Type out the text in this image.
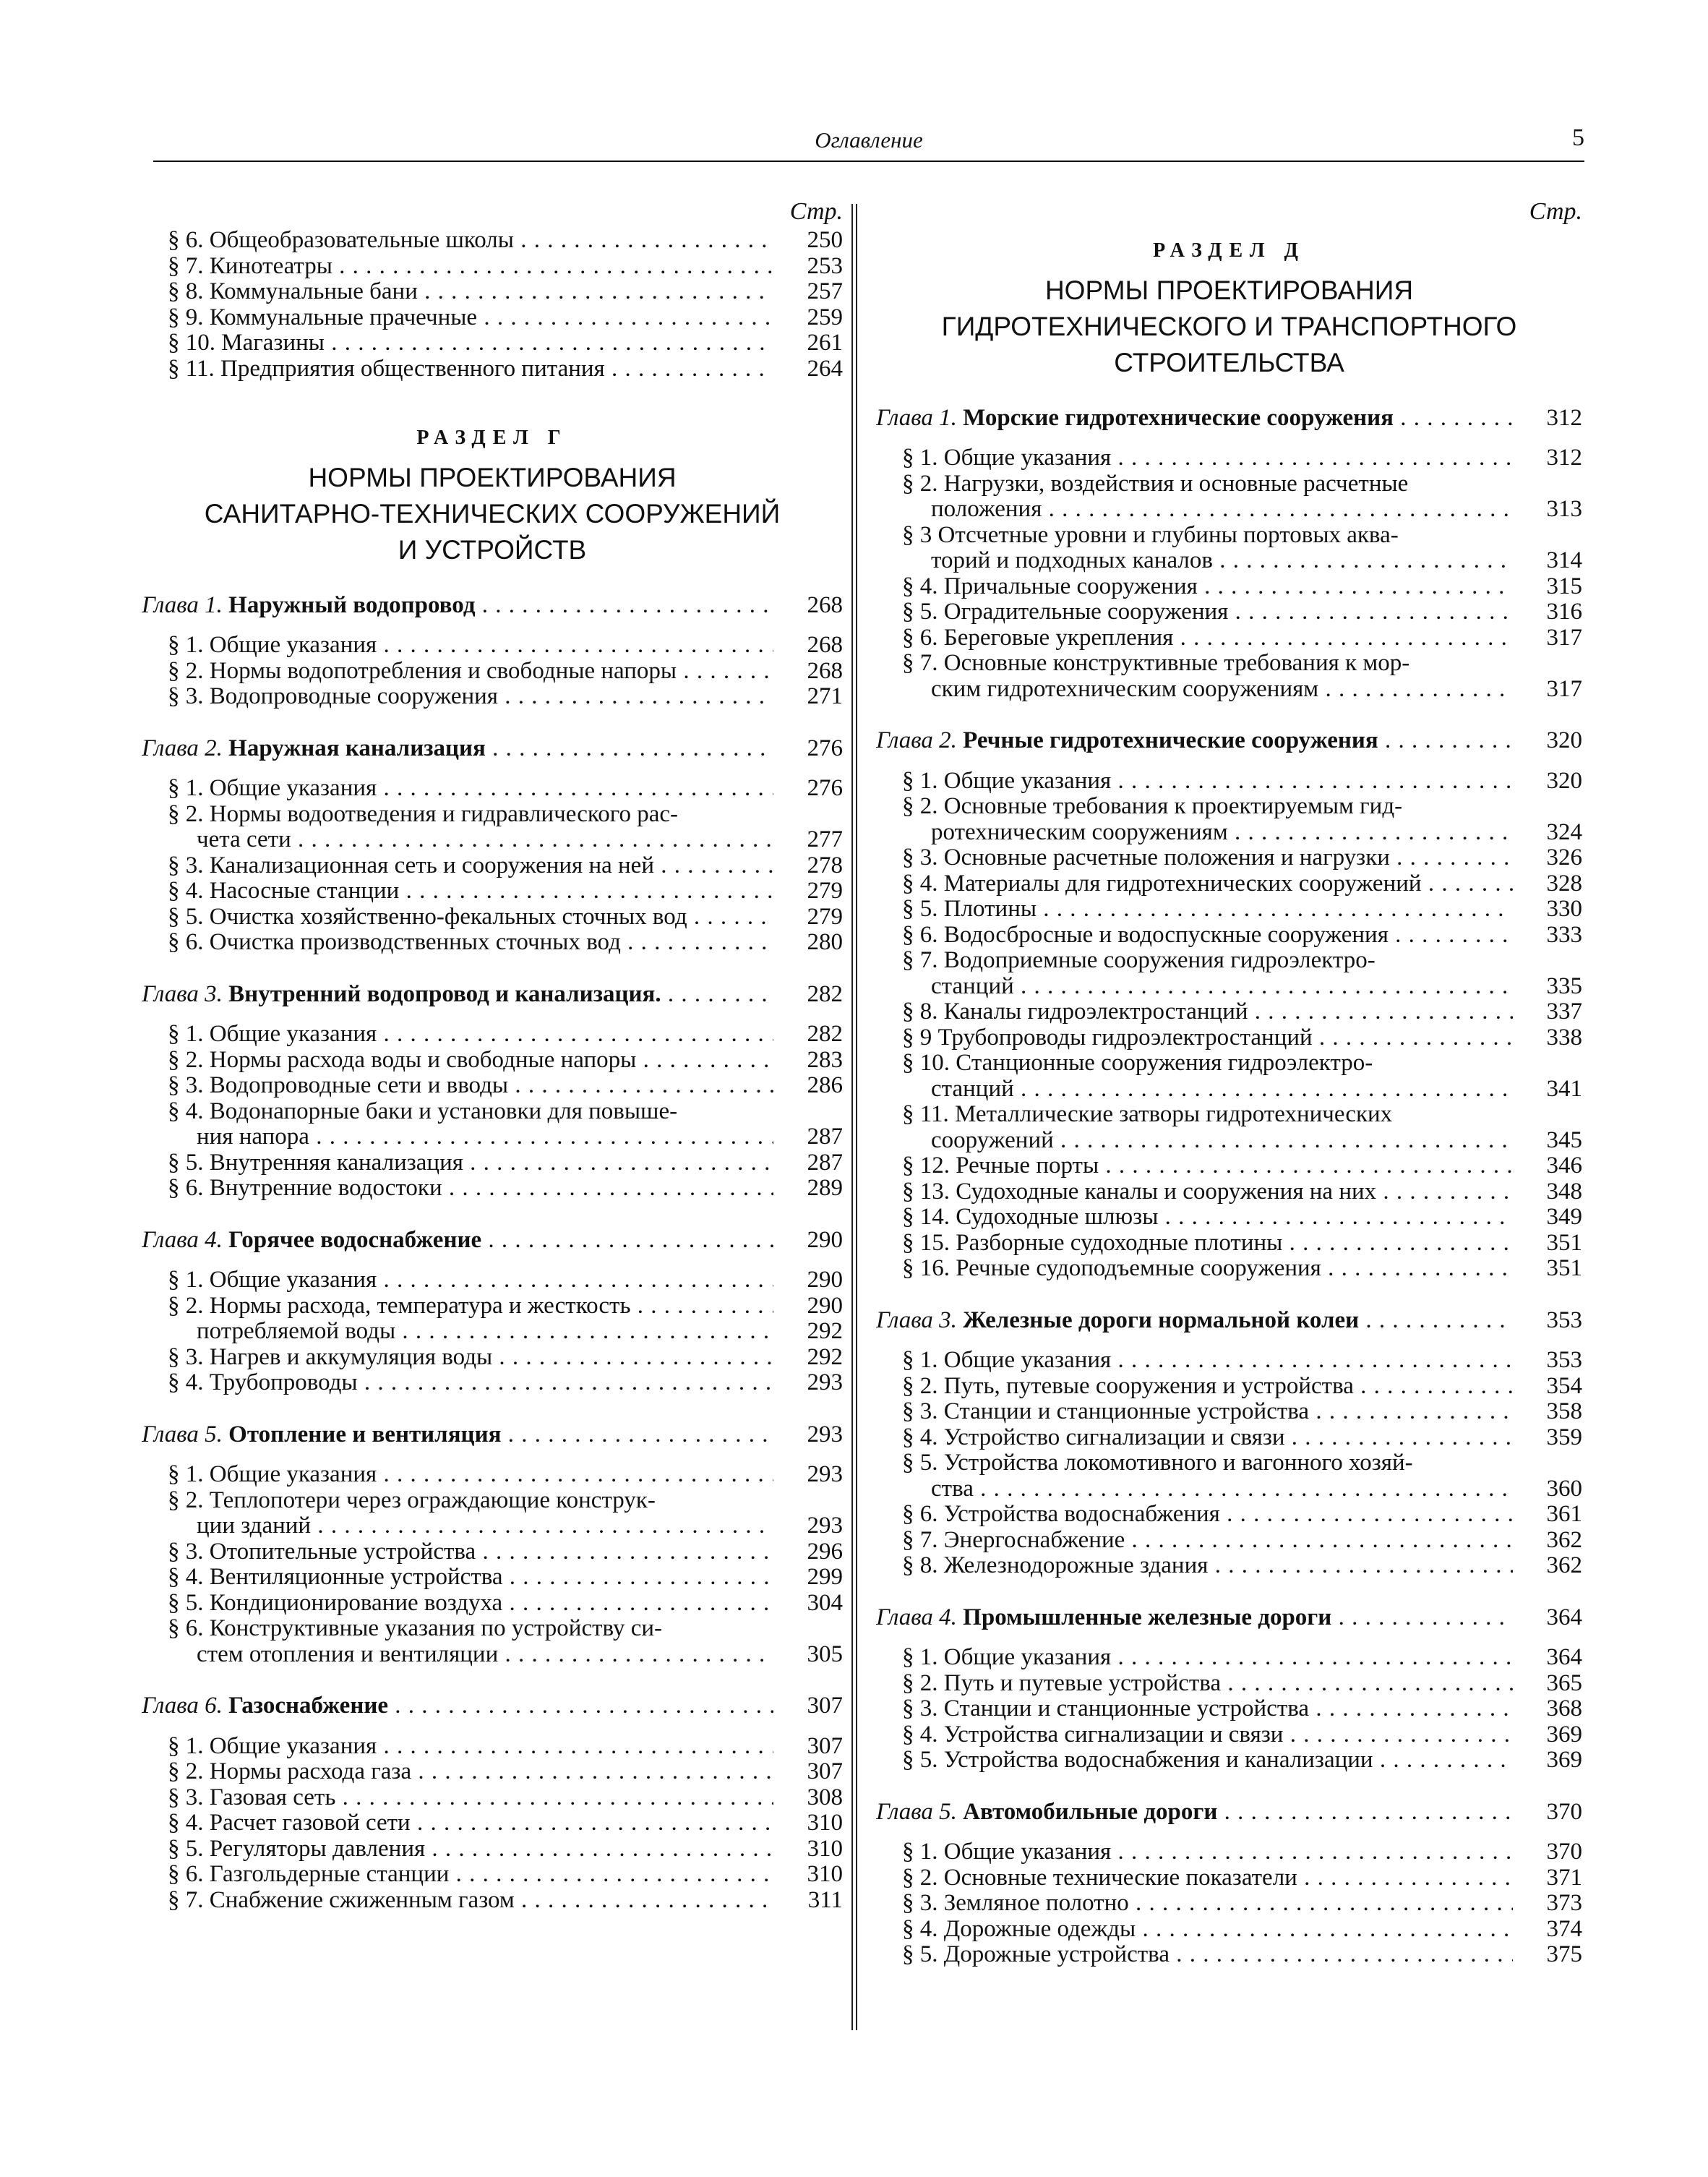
Оглавление	5
Стр.
§ 6. Общеобразовательные школы . . .	250
§ 7. Кинотеатры . . .	253
§ 8. Коммунальные бани . . .	257
§ 9. Коммунальные прачечные . . .	259
§ 10. Магазины . . .	261
§ 11. Предприятия общественного питания . . .	264
РАЗДЕЛ Г
НОРМЫ ПРОЕКТИРОВАНИЯ
САНИТАРНО-ТЕХНИЧЕСКИХ СООРУЖЕНИЙ
И УСТРОЙСТВ
Глава 1. Наружный водопровод . . .	268
§ 1. Общие указания . . .	268
§ 2. Нормы водопотребления и свободные напоры . . .	268
§ 3. Водопроводные сооружения . . .	271
Глава 2. Наружная канализация . . .	276
§ 1. Общие указания . . .	276
§ 2. Нормы водоотведения и гидравлического рас-
чета сети . . .	277
§ 3. Канализационная сеть и сооружения на ней . . .	278
§ 4. Насосные станции . . .	279
§ 5. Очистка хозяйственно-фекальных сточных вод . . .	279
§ 6. Очистка производственных сточных вод . . .	280
Глава 3. Внутренний водопровод и канализация. . . .	282
§ 1. Общие указания . . .	282
§ 2. Нормы расхода воды и свободные напоры . . .	283
§ 3. Водопроводные сети и вводы . . .	286
§ 4. Водонапорные баки и установки для повыше-
ния напора . . .	287
§ 5. Внутренняя канализация . . .	287
§ 6. Внутренние водостоки . . .	289
Глава 4. Горячее водоснабжение . . .	290
§ 1. Общие указания . . .	290
§ 2. Нормы расхода, температура и жесткость . . .	290
потребляемой воды . . .	292
§ 3. Нагрев и аккумуляция воды . . .	292
§ 4. Трубопроводы . . .	293
Глава 5. Отопление и вентиляция . . .	293
§ 1. Общие указания . . .	293
§ 2. Теплопотери через ограждающие конструк-
ции зданий . . .	293
§ 3. Отопительные устройства . . .	296
§ 4. Вентиляционные устройства . . .	299
§ 5. Кондиционирование воздуха . . .	304
§ 6. Конструктивные указания по устройству си-
стем отопления и вентиляции . . .	305
Глава 6. Газоснабжение . . .	307
§ 1. Общие указания . . .	307
§ 2. Нормы расхода газа . . .	307
§ 3. Газовая сеть . . .	308
§ 4. Расчет газовой сети . . .	310
§ 5. Регуляторы давления . . .	310
§ 6. Газгольдерные станции . . .	310
§ 7. Снабжение сжиженным газом . . .	311
Стр.
РАЗДЕЛ Д
НОРМЫ ПРОЕКТИРОВАНИЯ
ГИДРОТЕХНИЧЕСКОГО И ТРАНСПОРТНОГО
СТРОИТЕЛЬСТВА
Глава 1. Морские гидротехнические сооружения . . .	312
§ 1. Общие указания . . .	312
§ 2. Нагрузки, воздействия и основные расчетные
положения . . .	313
§ 3 Отсчетные уровни и глубины портовых аква-
торий и подходных каналов . . .	314
§ 4. Причальные сооружения . . .	315
§ 5. Оградительные сооружения . . .	316
§ 6. Береговые укрепления . . .	317
§ 7. Основные конструктивные требования к мор-
ским гидротехническим сооружениям . . .	317
Глава 2. Речные гидротехнические сооружения . . .	320
§ 1. Общие указания . . .	320
§ 2. Основные требования к проектируемым гид-
ротехническим сооружениям . . .	324
§ 3. Основные расчетные положения и нагрузки . . .	326
§ 4. Материалы для гидротехнических сооружений . . .	328
§ 5. Плотины . . .	330
§ 6. Водосбросные и водоспускные сооружения . . .	333
§ 7. Водоприемные сооружения гидроэлектро-
станций . . .	335
§ 8. Каналы гидроэлектростанций . . .	337
§ 9 Трубопроводы гидроэлектростанций . . .	338
§ 10. Станционные сооружения гидроэлектро-
станций . . .	341
§ 11. Металлические затворы гидротехнических
сооружений . . .	345
§ 12. Речные порты . . .	346
§ 13. Судоходные каналы и сооружения на них . . .	348
§ 14. Судоходные шлюзы . . .	349
§ 15. Разборные судоходные плотины . . .	351
§ 16. Речные судоподъемные сооружения . . .	351
Глава 3. Железные дороги нормальной колеи . . .	353
§ 1. Общие указания . . .	353
§ 2. Путь, путевые сооружения и устройства . . .	354
§ 3. Станции и станционные устройства . . .	358
§ 4. Устройство сигнализации и связи . . .	359
§ 5. Устройства локомотивного и вагонного хозяй-
ства . . .	360
§ 6. Устройства водоснабжения . . .	361
§ 7. Энергоснабжение . . .	362
§ 8. Железнодорожные здания . . .	362
Глава 4. Промышленные железные дороги . . .	364
§ 1. Общие указания . . .	364
§ 2. Путь и путевые устройства . . .	365
§ 3. Станции и станционные устройства . . .	368
§ 4. Устройства сигнализации и связи . . .	369
§ 5. Устройства водоснабжения и канализации . . .	369
Глава 5. Автомобильные дороги . . .	370
§ 1. Общие указания . . .	370
§ 2. Основные технические показатели . . .	371
§ 3. Земляное полотно . . .	373
§ 4. Дорожные одежды . . .	374
§ 5. Дорожные устройства . . .	375
